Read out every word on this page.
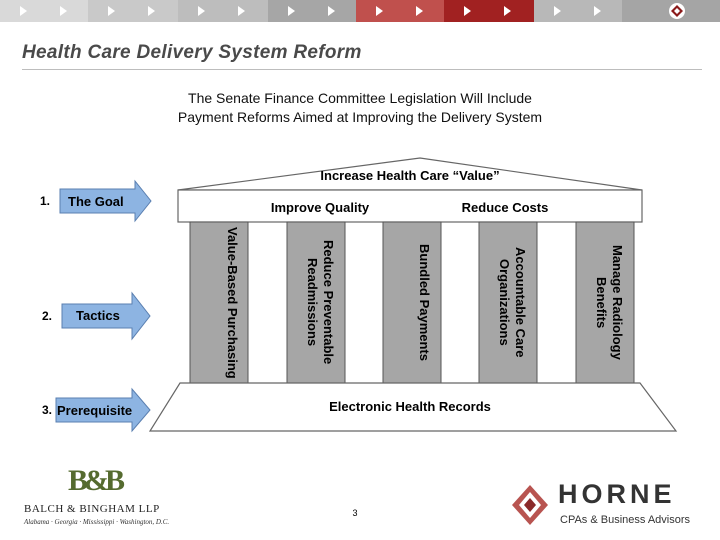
Health Care Delivery System Reform
The Senate Finance Committee Legislation Will Include
Payment Reforms Aimed at Improving the Delivery System
Increase Health Care “Value”
Improve Quality	Reduce Costs
Value-Based Purchasing	Reduce Preventable Readmissions	Bundled Payments	Accountable Care Organizations	Manage Radiology Benefits
Electronic Health Records
1. The Goal
2. Tactics
3. Prerequisite
B&B
BALCH & BINGHAM LLP
Alabama · Georgia · Mississippi · Washington, D.C.
3
HORNE
CPAs & Business Advisors
